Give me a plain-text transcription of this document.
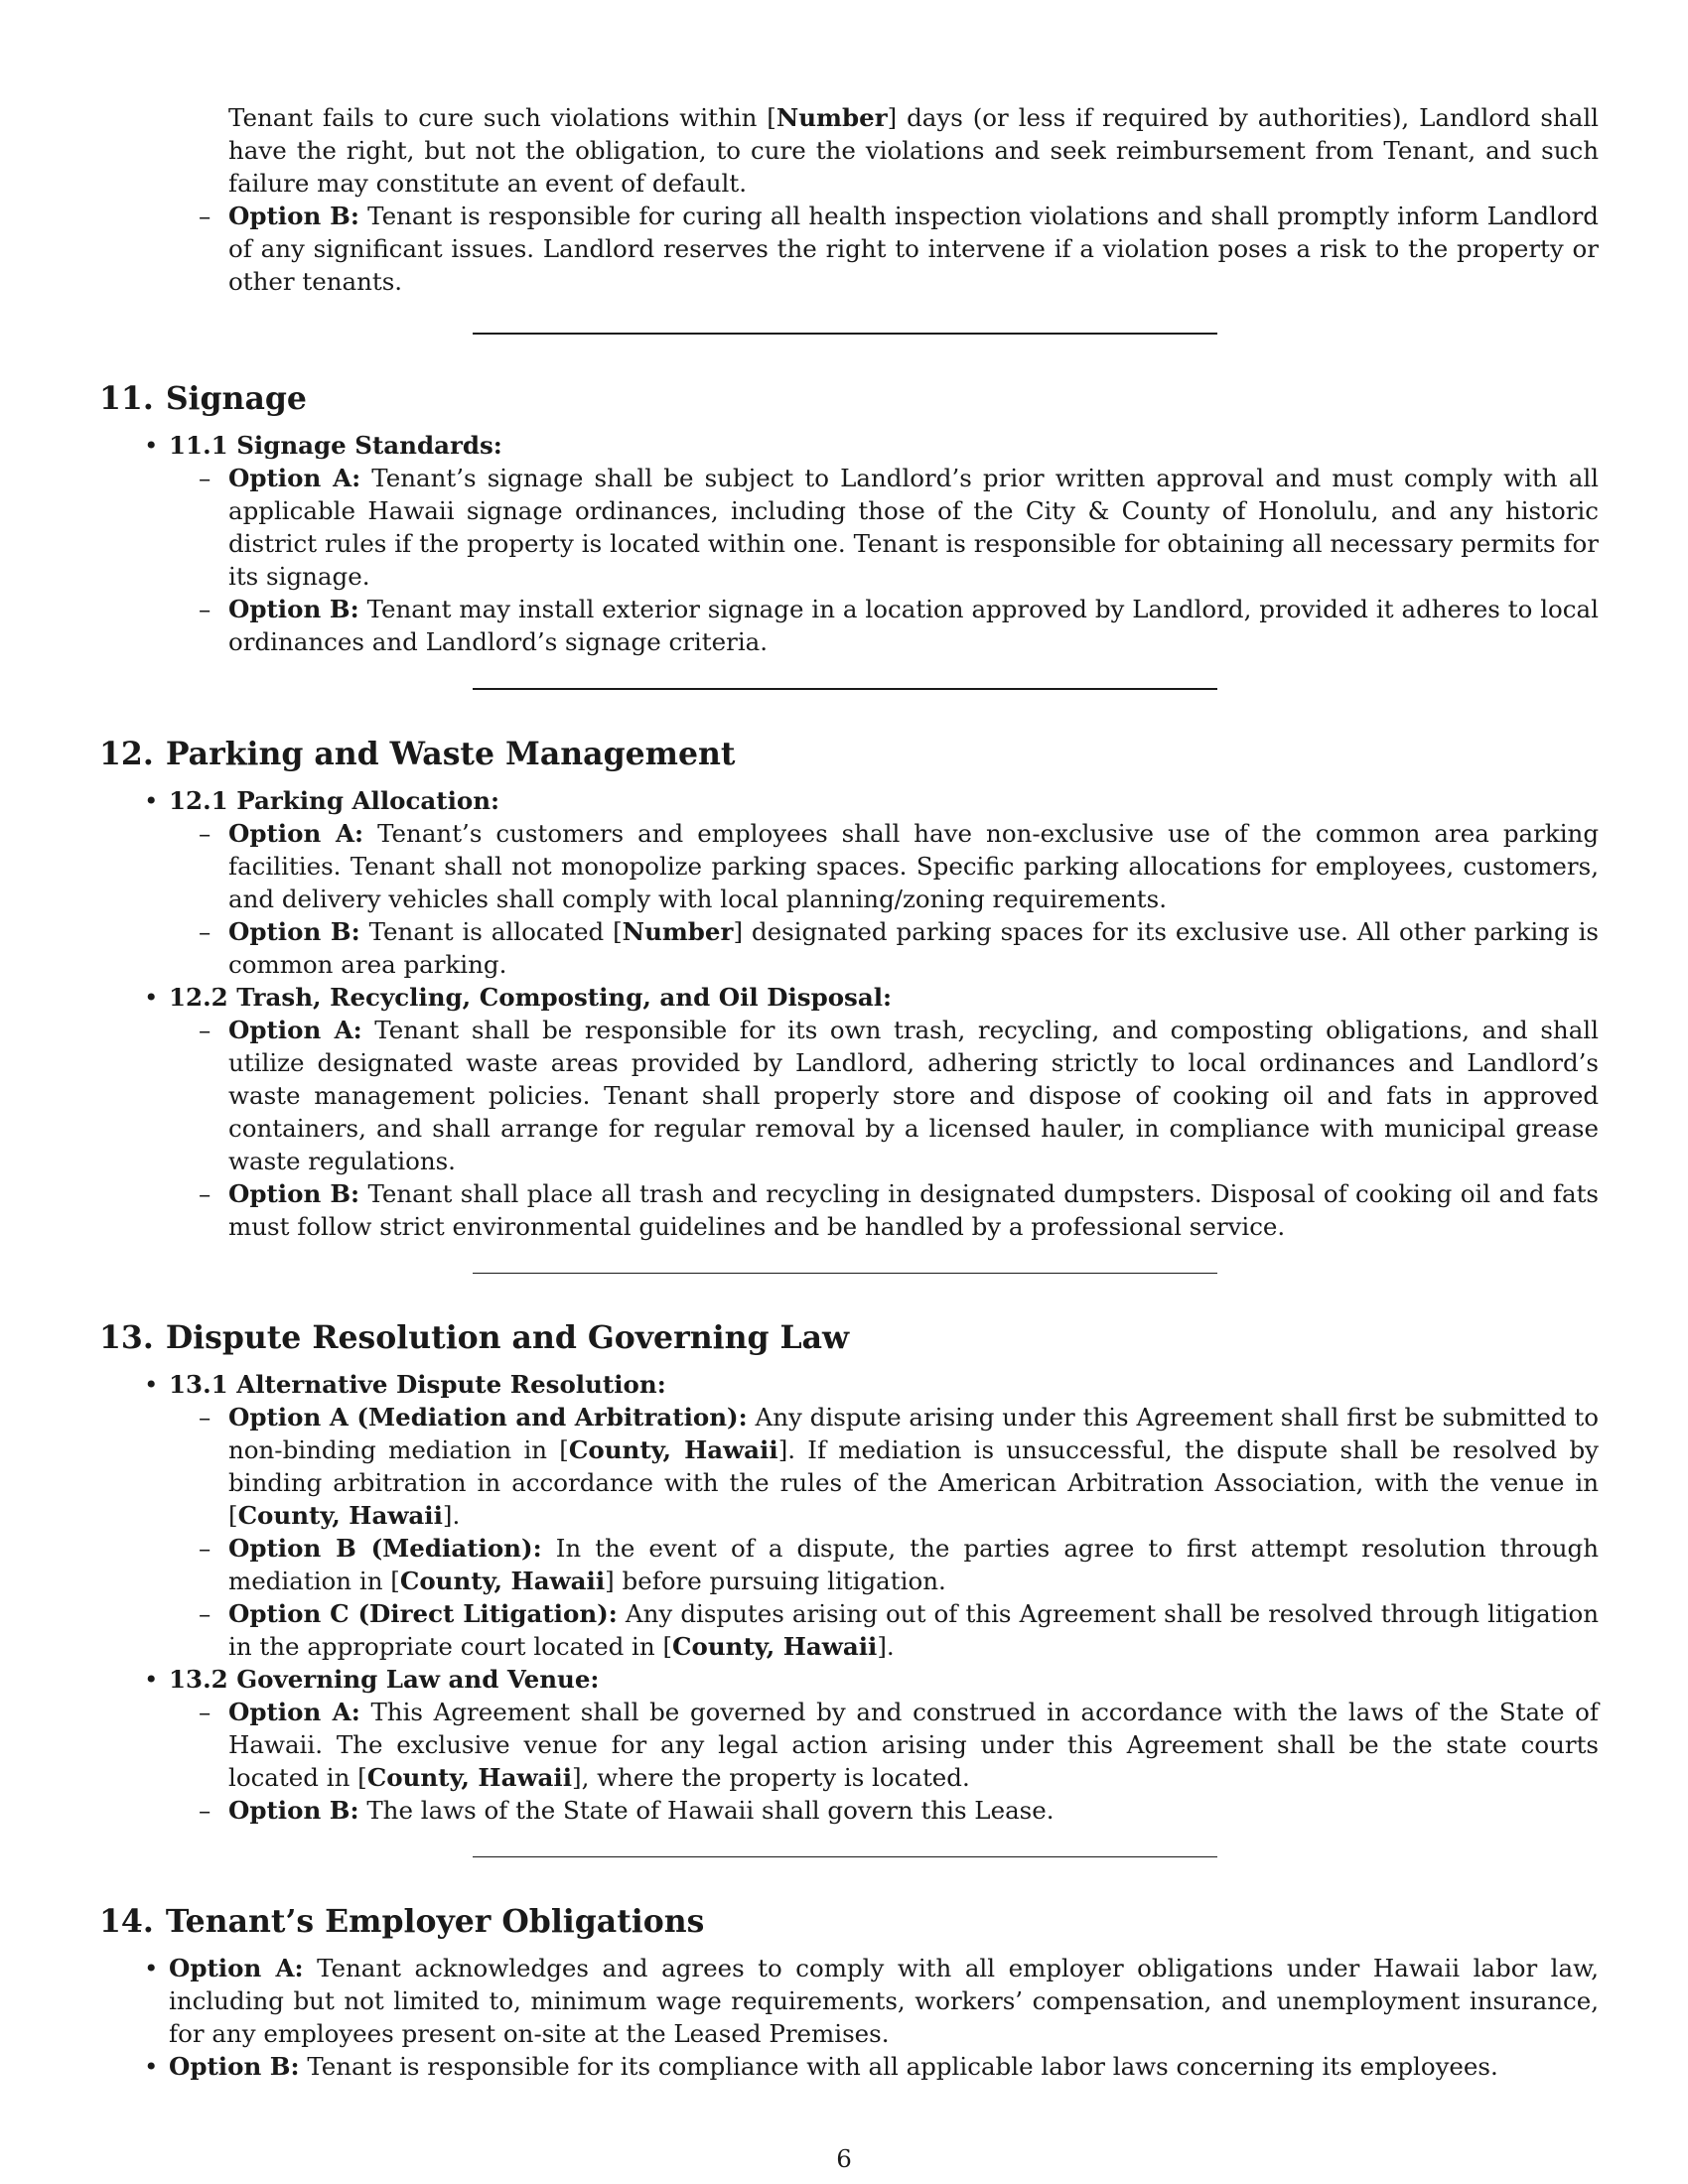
Tenant fails to cure such violations within [Number] days (or less if required by authorities), Landlord shall have the right, but not the obligation, to cure the violations and seek reimbursement from Tenant, and such failure may constitute an event of default.
– Option B: Tenant is responsible for curing all health inspection violations and shall promptly inform Landlord of any significant issues. Landlord reserves the right to intervene if a violation poses a risk to the property or other tenants.
11. Signage
• 11.1 Signage Standards:
– Option A: Tenant’s signage shall be subject to Landlord’s prior written approval and must comply with all applicable Hawaii signage ordinances, including those of the City & County of Honolulu, and any historic district rules if the property is located within one. Tenant is responsible for obtaining all necessary permits for its signage.
– Option B: Tenant may install exterior signage in a location approved by Landlord, provided it adheres to local ordinances and Landlord’s signage criteria.
12. Parking and Waste Management
• 12.1 Parking Allocation:
– Option A: Tenant’s customers and employees shall have non-exclusive use of the common area parking facilities. Tenant shall not monopolize parking spaces. Specific parking allocations for employees, customers, and delivery vehicles shall comply with local planning/zoning requirements.
– Option B: Tenant is allocated [Number] designated parking spaces for its exclusive use. All other parking is common area parking.
• 12.2 Trash, Recycling, Composting, and Oil Disposal:
– Option A: Tenant shall be responsible for its own trash, recycling, and composting obligations, and shall utilize designated waste areas provided by Landlord, adhering strictly to local ordinances and Landlord’s waste management policies. Tenant shall properly store and dispose of cooking oil and fats in approved containers, and shall arrange for regular removal by a licensed hauler, in compliance with municipal grease waste regulations.
– Option B: Tenant shall place all trash and recycling in designated dumpsters. Disposal of cooking oil and fats must follow strict environmental guidelines and be handled by a professional service.
13. Dispute Resolution and Governing Law
• 13.1 Alternative Dispute Resolution:
– Option A (Mediation and Arbitration): Any dispute arising under this Agreement shall first be submitted to non-binding mediation in [County, Hawaii]. If mediation is unsuccessful, the dispute shall be resolved by binding arbitration in accordance with the rules of the American Arbitration Association, with the venue in [County, Hawaii].
– Option B (Mediation): In the event of a dispute, the parties agree to first attempt resolution through mediation in [County, Hawaii] before pursuing litigation.
– Option C (Direct Litigation): Any disputes arising out of this Agreement shall be resolved through litigation in the appropriate court located in [County, Hawaii].
• 13.2 Governing Law and Venue:
– Option A: This Agreement shall be governed by and construed in accordance with the laws of the State of Hawaii. The exclusive venue for any legal action arising under this Agreement shall be the state courts located in [County, Hawaii], where the property is located.
– Option B: The laws of the State of Hawaii shall govern this Lease.
14. Tenant’s Employer Obligations
• Option A: Tenant acknowledges and agrees to comply with all employer obligations under Hawaii labor law, including but not limited to, minimum wage requirements, workers’ compensation, and unemployment insurance, for any employees present on-site at the Leased Premises.
• Option B: Tenant is responsible for its compliance with all applicable labor laws concerning its employees.
6
